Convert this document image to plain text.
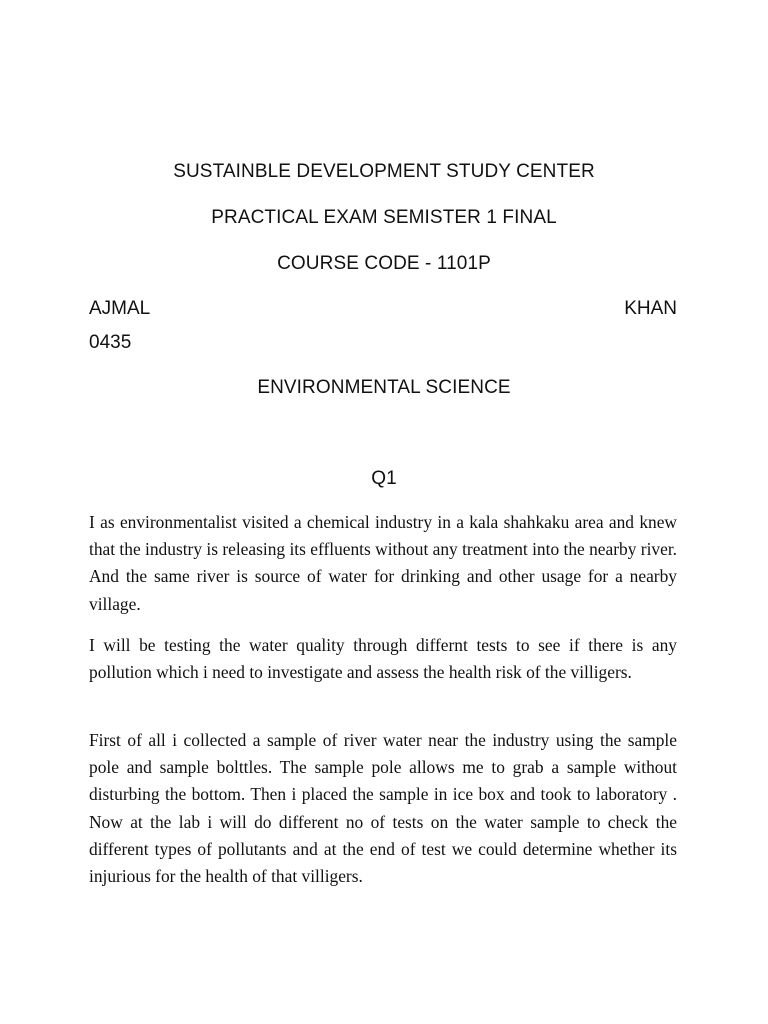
SUSTAINBLE DEVELOPMENT STUDY CENTER
PRACTICAL EXAM SEMISTER 1 FINAL
COURSE CODE - 1101P
AJMAL	KHAN
0435
ENVIRONMENTAL SCIENCE
Q1

I as environmentalist visited a chemical industry in a kala shahkaku area and knew that the industry is releasing its effluents without any treatment into the nearby river. And the same river is source of water for drinking and other usage for a nearby village.

I will be testing the water quality through differnt tests to see if there is any pollution which i need to investigate and assess the health risk of the villigers.

First of all i collected a sample of river water near the industry using the sample pole and sample bolttles. The sample pole allows me to grab a sample without disturbing the bottom. Then i placed the sample in ice box and took to laboratory . Now at the lab i will do different no of tests on the water sample to check the different types of pollutants and at the end of test we could determine whether its injurious for the health of that villigers.
